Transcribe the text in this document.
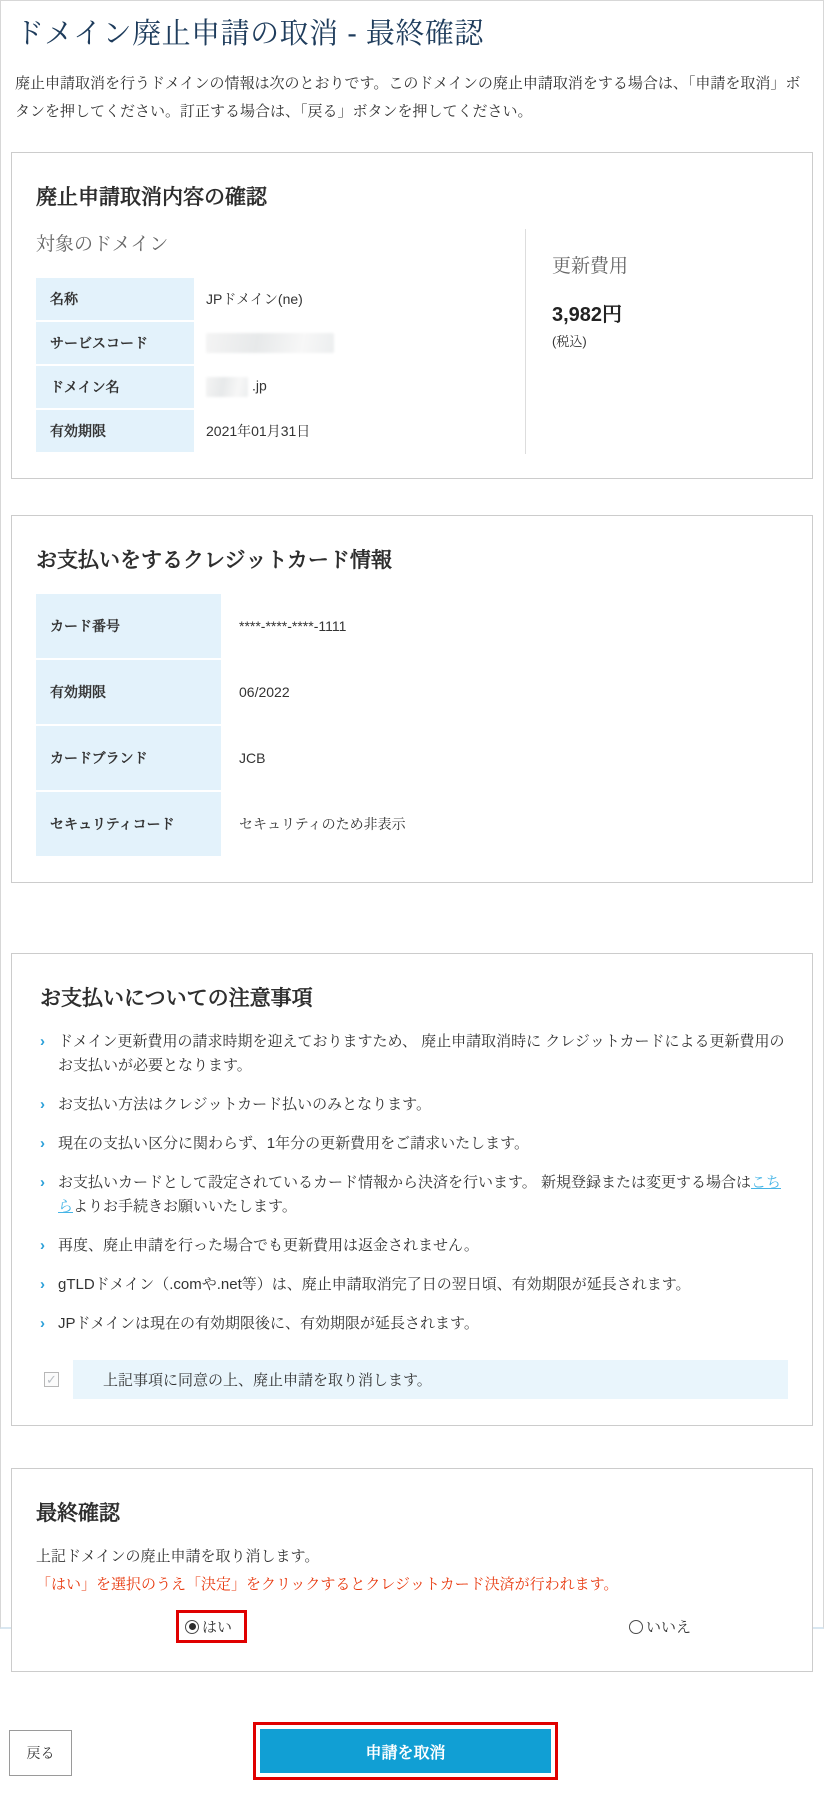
ドメイン廃止申請の取消 - 最終確認

廃止申請取消を行うドメインの情報は次のとおりです。このドメインの廃止申請取消をする場合は、「申請を取消」ボタンを押してください。訂正する場合は、「戻る」ボタンを押してください。

廃止申請取消内容の確認
対象のドメイン
名称	JPドメイン(ne)
サービスコード	
ドメイン名	.jp
有効期限	2021年01月31日
更新費用
3,982円
(税込)
お支払いをするクレジットカード情報
カード番号	****-****-****-1111
有効期限	06/2022
カードブランド	JCB
セキュリティコード	セキュリティのため非表示
お支払いについての注意事項
› ドメイン更新費用の請求時期を迎えておりますため、 廃止申請取消時に クレジットカードによる更新費用のお支払いが必要となります。
› お支払い方法はクレジットカード払いのみとなります。
› 現在の支払い区分に関わらず、1年分の更新費用をご請求いたします。
› お支払いカードとして設定されているカード情報から決済を行います。 新規登録または変更する場合はこちらよりお手続きお願いいたします。
› 再度、廃止申請を行った場合でも更新費用は返金されません。
› gTLDドメイン（.comや.net等）は、廃止申請取消完了日の翌日頃、有効期限が延長されます。
› JPドメインは現在の有効期限後に、有効期限が延長されます。
✓	上記事項に同意の上、廃止申請を取り消します。
最終確認

上記ドメインの廃止申請を取り消します。

「はい」を選択のうえ「決定」をクリックするとクレジットカード決済が行われます。

はい	いいえ
戻る	申請を取消
